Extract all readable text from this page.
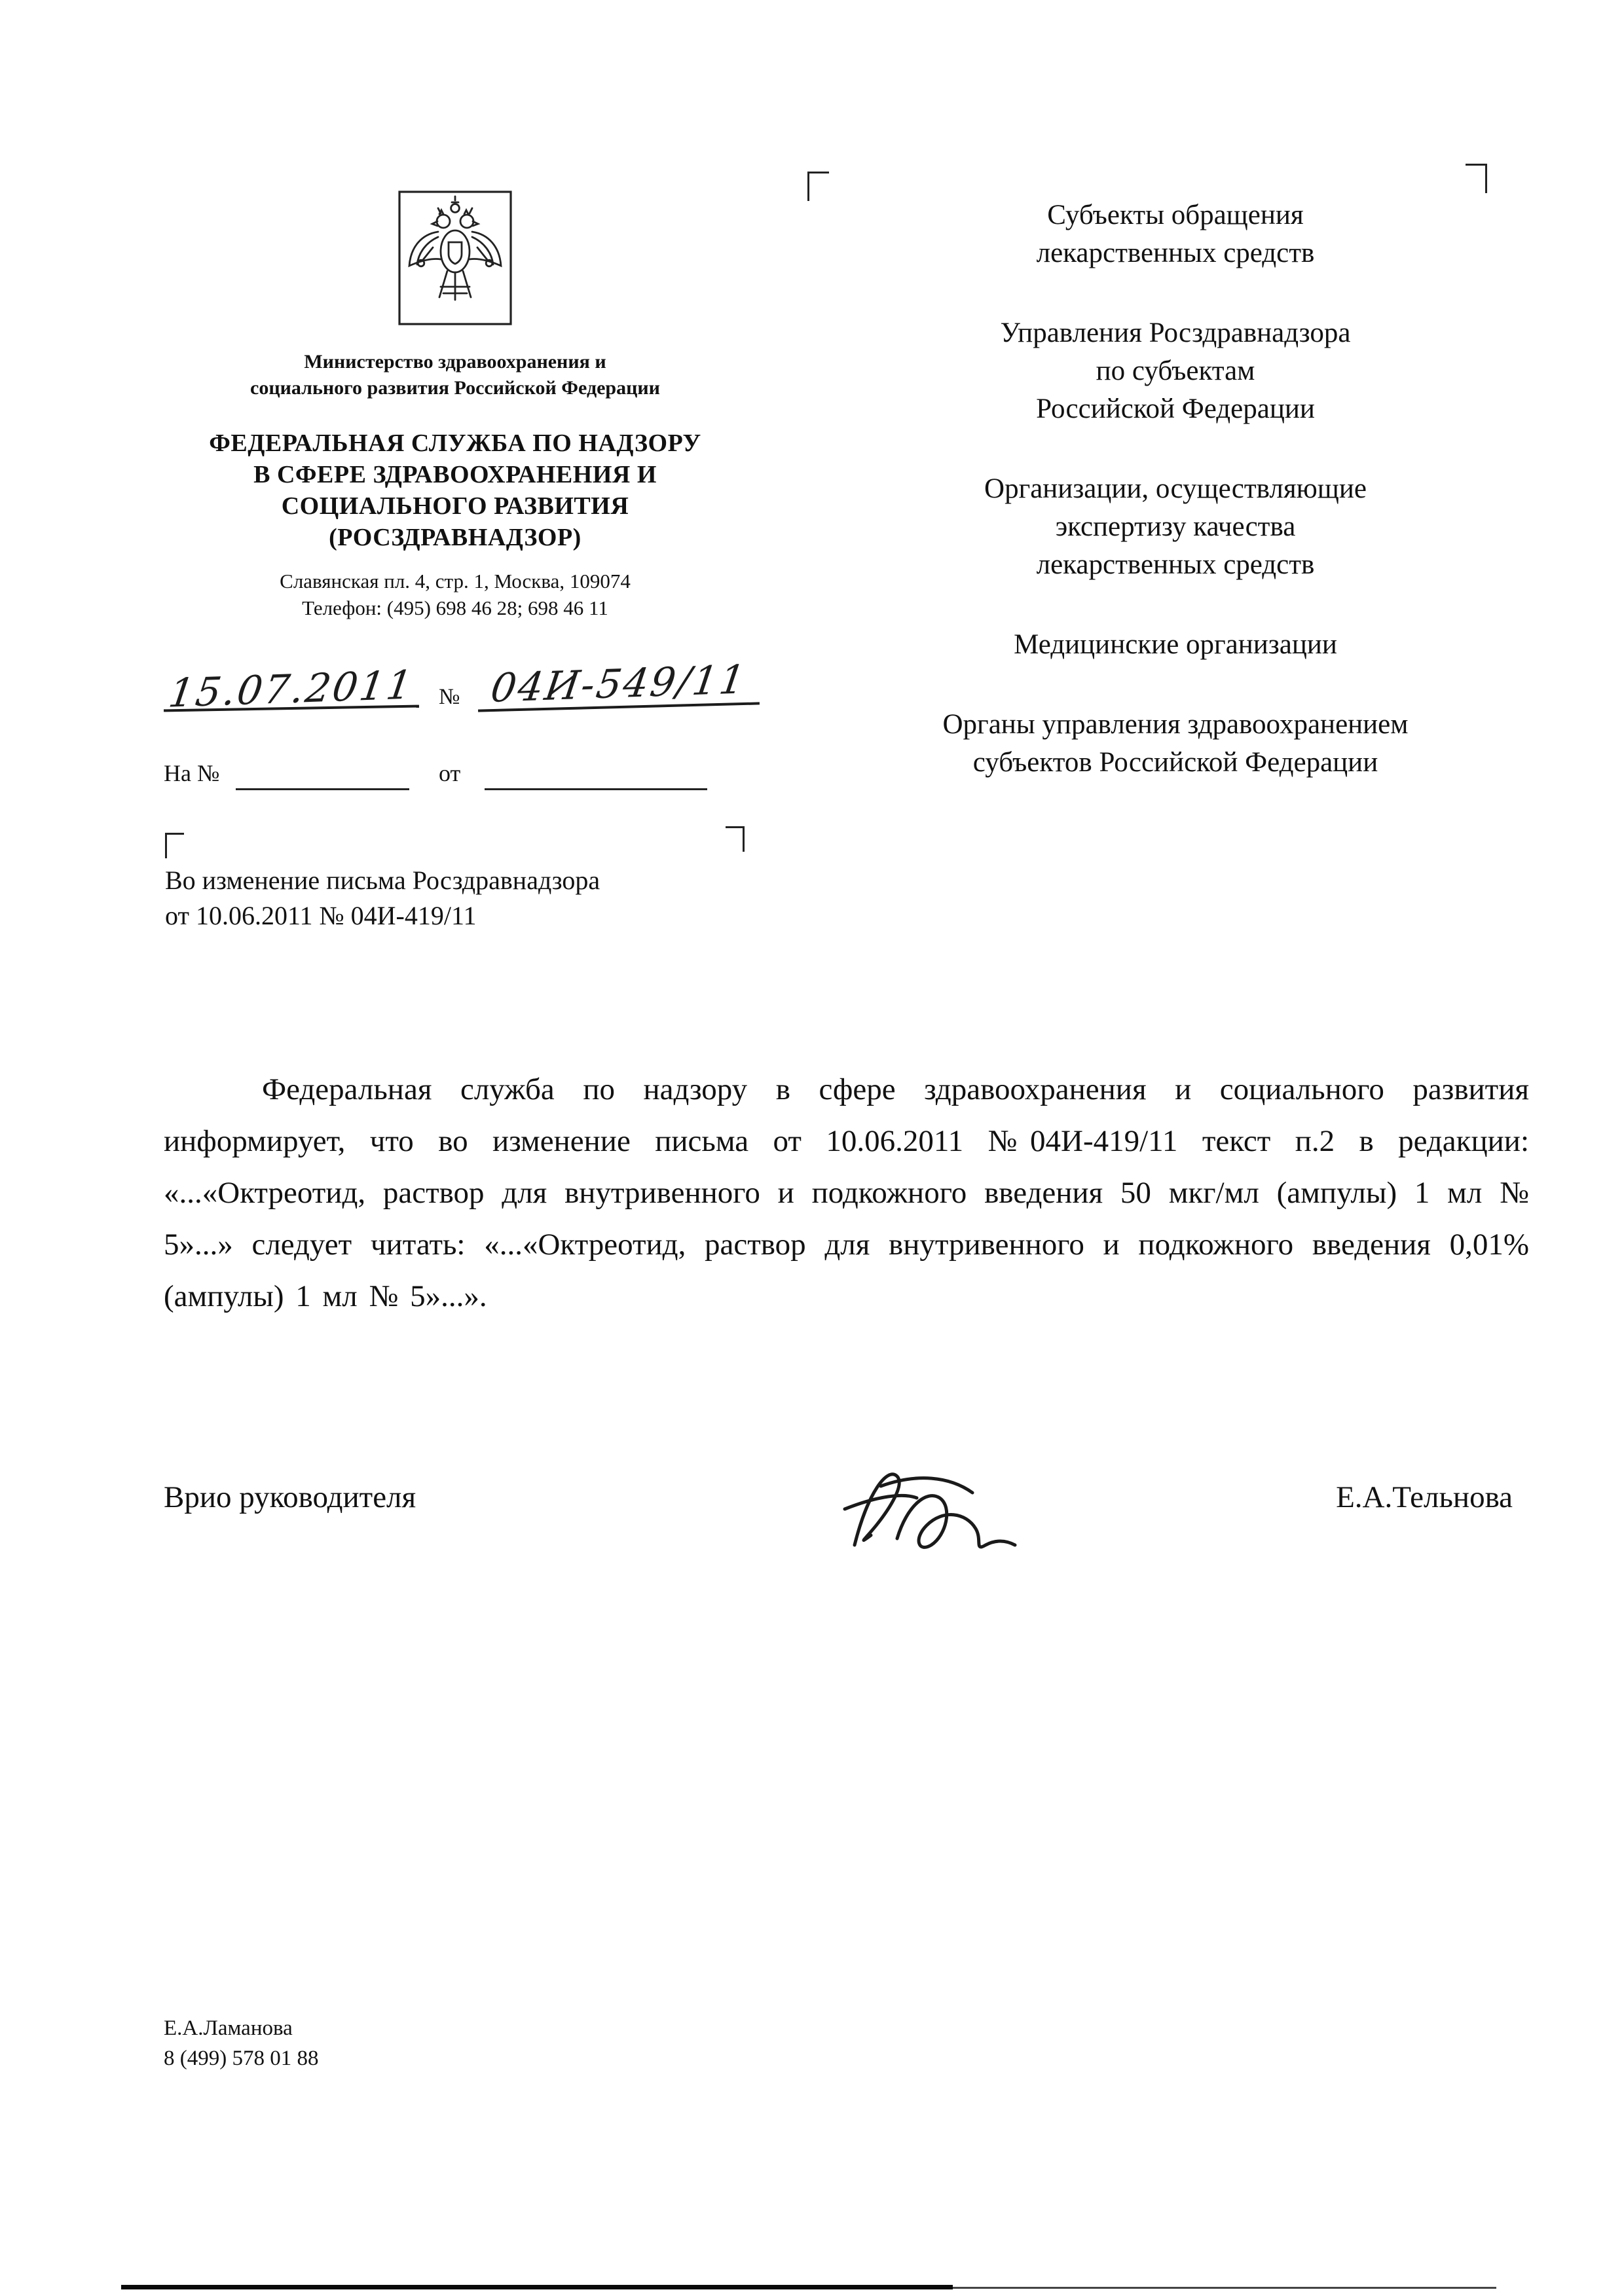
Министерство здравоохранения и
социального развития Российской Федерации
ФЕДЕРАЛЬНАЯ СЛУЖБА ПО НАДЗОРУ
В СФЕРЕ ЗДРАВООХРАНЕНИЯ И
СОЦИАЛЬНОГО РАЗВИТИЯ
(РОСЗДРАВНАДЗОР)
Славянская пл. 4, стр. 1, Москва, 109074
Телефон: (495) 698 46 28; 698 46 11
15.07.2011 № 04И-549/11
На №	от
Во изменение письма Росздравнадзора
от 10.06.2011 № 04И-419/11
Субъекты обращения
лекарственных средств
Управления Росздравнадзора
по субъектам
Российской Федерации
Организации, осуществляющие
экспертизу качества
лекарственных средств
Медицинские организации
Органы управления здравоохранением
субъектов Российской Федерации
Федеральная служба по надзору в сфере здравоохранения и социального развития информирует, что во изменение письма от 10.06.2011 №04И-419/11 текст п.2 в редакции: «...«Октреотид, раствор для внутривенного и подкожного введения 50 мкг/мл (ампулы) 1 мл № 5»...» следует читать: «...«Октреотид, раствор для внутривенного и подкожного введения 0,01% (ампулы) 1 мл № 5»...».
Врио руководителя	Е.А.Тельнова
Е.А.Ламанова
8 (499) 578 01 88
